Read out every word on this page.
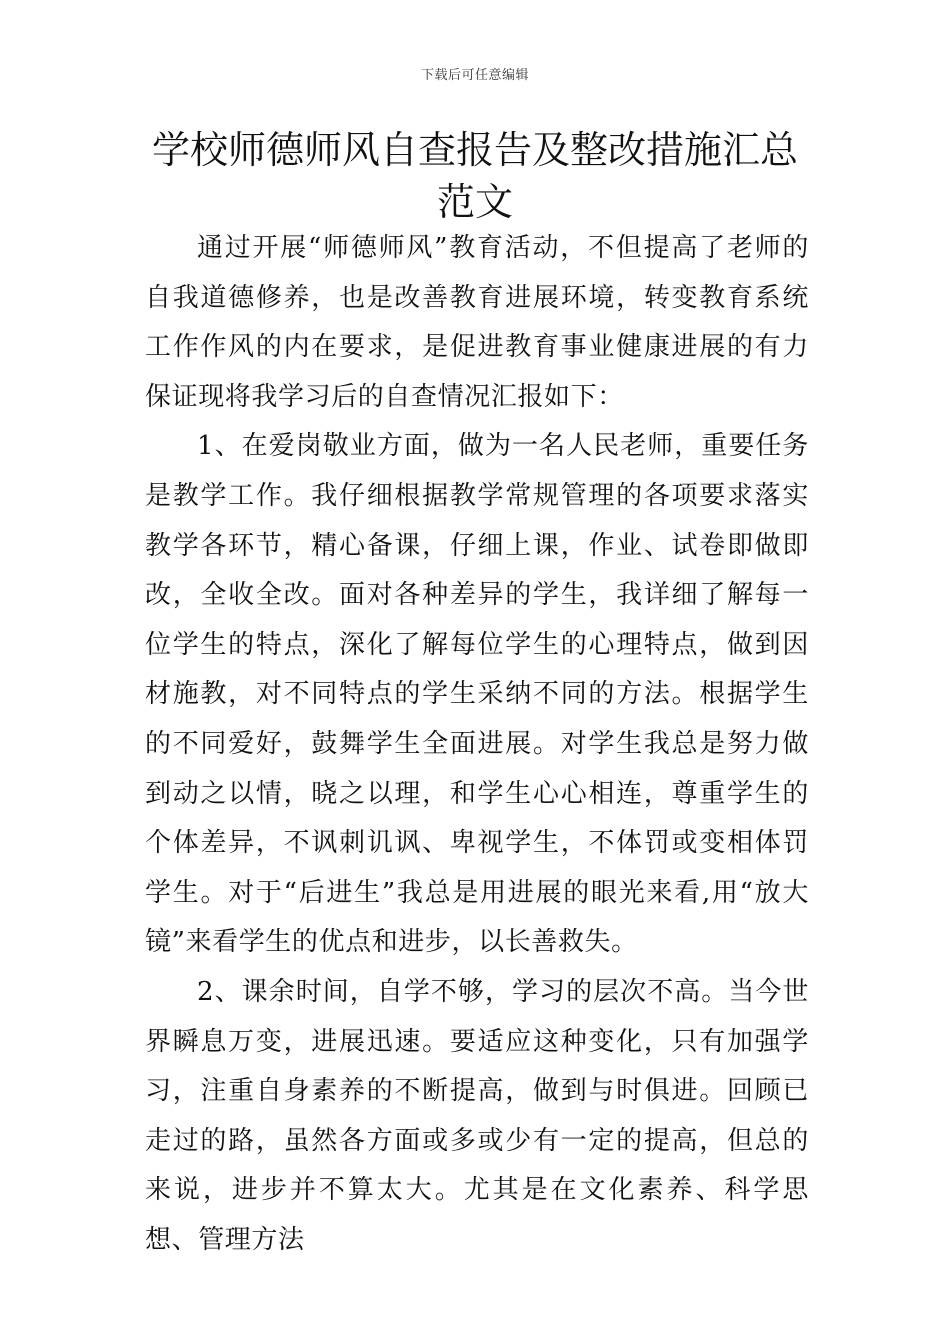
下载后可任意编辑
学校师德师风自查报告及整改措施汇总范文

通过开展“师德师风”教育活动，不但提高了老师的自我道德修养，也是改善教育进展环境，转变教育系统工作作风的内在要求，是促进教育事业健康进展的有力保证现将我学习后的自查情况汇报如下：

1、在爱岗敬业方面，做为一名人民老师，重要任务是教学工作。我仔细根据教学常规管理的各项要求落实教学各环节，精心备课，仔细上课，作业、试卷即做即改，全收全改。面对各种差异的学生，我详细了解每一位学生的特点，深化了解每位学生的心理特点，做到因材施教，对不同特点的学生采纳不同的方法。根据学生的不同爱好，鼓舞学生全面进展。对学生我总是努力做到动之以情，晓之以理，和学生心心相连，尊重学生的个体差异，不讽刺讥讽、卑视学生，不体罚或变相体罚学生。对于“后进生”我总是用进展的眼光来看,用“放大镜”来看学生的优点和进步，以长善救失。

2、课余时间，自学不够，学习的层次不高。当今世界瞬息万变，进展迅速。要适应这种变化，只有加强学习，注重自身素养的不断提高，做到与时俱进。回顾已走过的路，虽然各方面或多或少有一定的提高，但总的来说，进步并不算太大。尤其是在文化素养、科学思想、管理方法
